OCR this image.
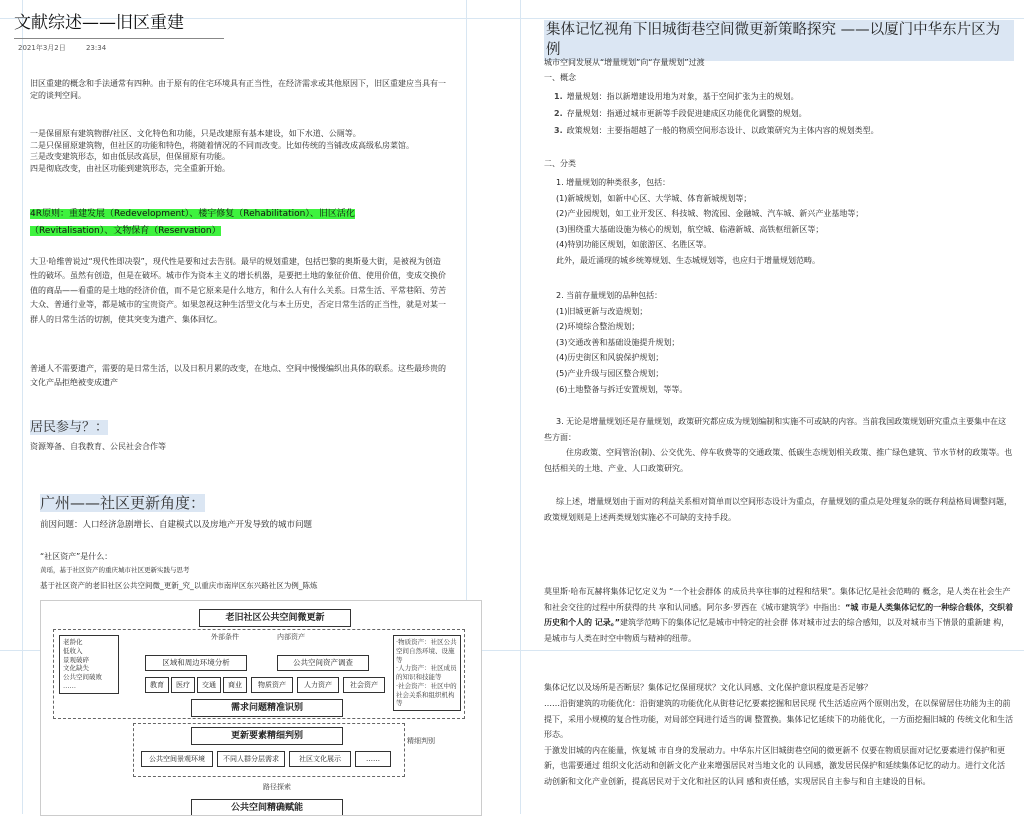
文献综述——旧区重建
2021年3月2日	23:34

旧区重建的概念和手法通常有四种。由于原有的住宅环境具有正当性，在经济需求或其他原因下，旧区重建应当具有一定的谈判空间。

一是保留原有建筑物群/社区、文化特色和功能，只是改建原有基本建设，如下水道、公厕等。

二是只保留原建筑物，但社区的功能和特色，将随着情况的不同而改变。比如传统的当铺改成高级私房菜馆。

三是改变建筑形态，如由低层改高层，但保留原有功能。

四是彻底改变，由社区功能到建筑形态，完全重新开始。

4R原则：重建发展（Redevelopment）、楼宇修复（Rehabilitation）、旧区活化（Revitalisation）、文物保育（Reservation）

大卫·哈维曾说过“现代性即决裂”，现代性是要和过去告别。最早的规划重建，包括巴黎的奥斯曼大街，是被视为创造性的破坏。虽然有创造，但是在破坏。城市作为资本主义的增长机器，是要把土地的象征价值、使用价值，变成交换价值的商品——看重的是土地的经济价值，而不是它原来是什么地方，和什么人有什么关系。日常生活、平常巷陌、劳苦大众、普通行业等，都是城市的宝贵资产。如果忽视这种生活型文化与本土历史，否定日常生活的正当性，就是对某一群人的日常生活的切割，使其突变为遗产、集体回忆。

普通人不需要遗产，需要的是日常生活，以及日积月累的改变，在地点、空间中慢慢编织出具体的联系。这些最珍贵的文化产品拒绝被变成遗产

居民参与？：
资源筹备、自我教育、公民社会合作等
广州——社区更新角度：
前因问题：人口经济急剧增长、自建模式以及房地产开发导致的城市问题
“社区资产”是什么：
黄瑶，基于社区资产的重庆城市社区更新实践与思考
基于社区资产的老旧社区公共空间微_更新_究_以重庆市南岸区东兴路社区为例_陈炼
老旧社区公共空间微更新
老龄化
低收入
景观破碎
文化缺失
公共空间破败
……
外部条件	内部资产
区域和周边环境分析	公共空间资产调查
教育	医疗	交通	商业	物质资产	人力资产	社会资产
·物质资产：社区公共空间自然环境、设施等
·人力资产：社区成员的知识和技能等
·社会资产：社区中的社会关系和组织机构等
需求问题精准识别
更新要素精细判别	精细判别
公共空间景观环境	不同人群分层需求	社区文化展示	……
路径探索
公共空间精确赋能
集体记忆视角下旧城街巷空间微更新策略探究 ——以厦门中华东片区为例
城市空间发展从“增量规划”向“存量规划”过渡
一、概念

1. 增量规划：指以新增建设用地为对象，基于空间扩张为主的规划。

2. 存量规划：指通过城市更新等手段促进建成区功能优化调整的规划。

3. 政策规划：主要指超越了一般的物质空间形态设计、以政策研究为主体内容的规划类型。

二、分类

1. 增量规划的种类很多，包括：

(1)新城规划，如新中心区、大学城、体育新城规划等；

(2)产业园规划，如工业开发区、科技城、物流园、金融城、汽车城、新兴产业基地等；

(3)围绕重大基础设施为核心的规划，航空城、临港新城、高铁枢纽新区等；

(4)特别功能区规划，如旅游区、名胜区等。

此外，最近涌现的城乡统筹规划、生态城规划等，也应归于增量规划范畴。

2. 当前存量规划的品种包括：

(1)旧城更新与改造规划；

(2)环境综合整治规划；

(3)交通改善和基础设施提升规划；

(4)历史街区和风貌保护规划；

(5)产业升级与园区整合规划；

(6)土地整备与拆迁安置规划，等等。

3. 无论是增量规划还是存量规划，政策研究都应成为规划编制和实施不可或缺的内容。当前我国政策规划研究重点主要集中在这些方面：

住房政策、空间管治(制)、公交优先、停车收费等的交通政策、低碳生态规划相关政策、推广绿色建筑、节水节材的政策等。也包括相关的土地、产业、人口政策研究。

综上述，增量规划由于面对的利益关系相对简单而以空间形态设计为重点，存量规划的重点是处理复杂的既存利益格局调整问题，政策规划则是上述两类规划实施必不可缺的支持手段。

莫里斯·哈布瓦赫将集体记忆定义为 “一个社会群体 的成员共享往事的过程和结果”。集体记忆是社会范畴的 概念，是人类在社会生产和社会交往的过程中所获得的共 享和认同感。阿尔多·罗西在《城市建筑学》中指出：“城 市是人类集体记忆的一种综合载体，交织着历史和个人的 记录。”建筑学范畴下的集体记忆是城市中特定的社会群 体对城市过去的综合感知，以及对城市当下情景的重新建 构，是城市与人类在时空中物质与精神的纽带。

集体记忆以及场所是否断层？集体记忆保留现状？文化认同感、文化保护意识程度是否足够？

……沿街建筑的功能优化：沿街建筑的功能优化从街巷记忆要素挖掘和居民现 代生活适应两个原则出发，在以保留居住功能为主的前提下，采用小规模的复合性功能，对局部空间进行适当的调 整置换。集体记忆延续下的功能优化，一方面挖掘旧城的 传统文化和生活形态。

于激发旧城的内在能量，恢复城 市自身的发展动力。中华东片区旧城街巷空间的微更新不 仅要在物质层面对记忆要素进行保护和更新，也需要通过 组织文化活动和创新文化产业来增强居民对当地文化的 认同感，激发居民保护和延续集体记忆的动力。进行文化活 动创新和文化产业创新，提高居民对于文化和社区的认同 感和责任感，实现居民自主参与和自主建设的目标。
